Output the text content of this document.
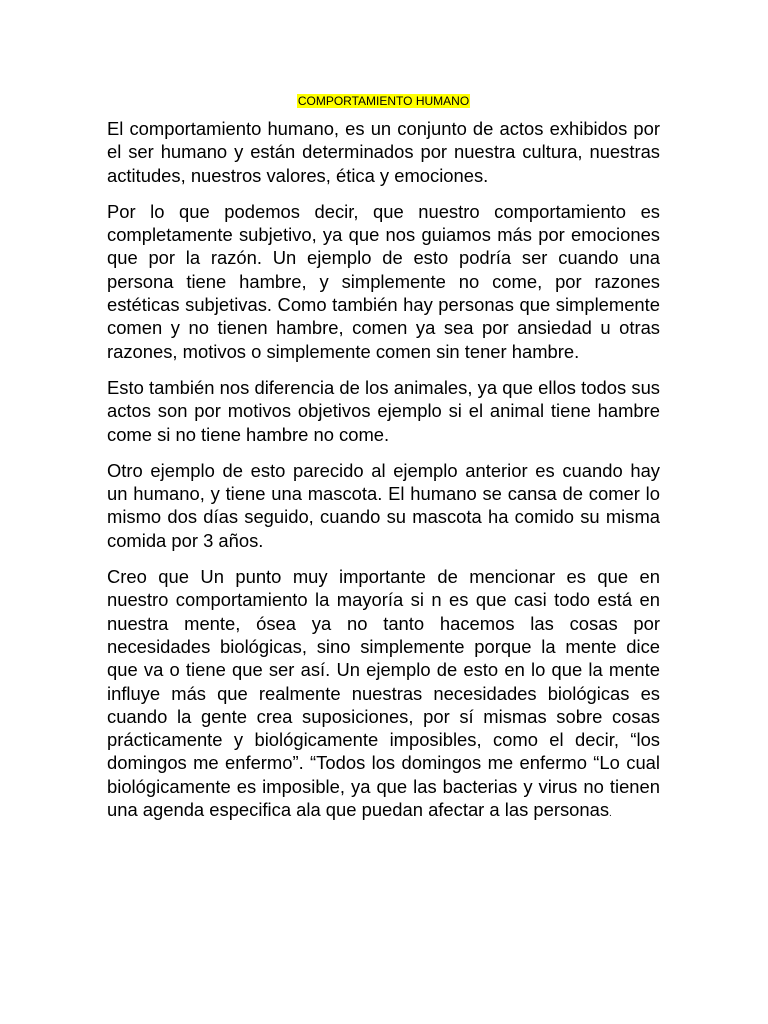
COMPORTAMIENTO HUMANO

El comportamiento humano, es un conjunto de actos exhibidos por el ser humano y están determinados por nuestra cultura, nuestras actitudes, nuestros valores, ética y emociones.

Por lo que podemos decir, que nuestro comportamiento es completamente subjetivo, ya que nos guiamos más por emociones que por la razón. Un ejemplo de esto podría ser cuando una persona tiene hambre, y simplemente no come, por razones estéticas subjetivas. Como también hay personas que simplemente comen y no tienen hambre, comen ya sea por ansiedad u otras razones, motivos o simplemente comen sin tener hambre.

Esto también nos diferencia de los animales, ya que ellos todos sus actos son por motivos objetivos ejemplo si el animal tiene hambre come si no tiene hambre no come.

Otro ejemplo de esto parecido al ejemplo anterior es cuando hay un humano, y tiene una mascota. El humano se cansa de comer lo mismo dos días seguido, cuando su mascota ha comido su misma comida por 3 años.

Creo que Un punto muy importante de mencionar es que en nuestro comportamiento la mayoría si n es que casi todo está en nuestra mente, ósea ya no tanto hacemos las cosas por necesidades biológicas, sino simplemente porque la mente dice que va o tiene que ser así. Un ejemplo de esto en lo que la mente influye más que realmente nuestras necesidades biológicas es cuando la gente crea suposiciones, por sí mismas sobre cosas prácticamente y biológicamente imposibles, como el decir, “los domingos me enfermo”. “Todos los domingos me enfermo “Lo cual biológicamente es imposible, ya que las bacterias y virus no tienen una agenda especifica ala que puedan afectar a las personas.
